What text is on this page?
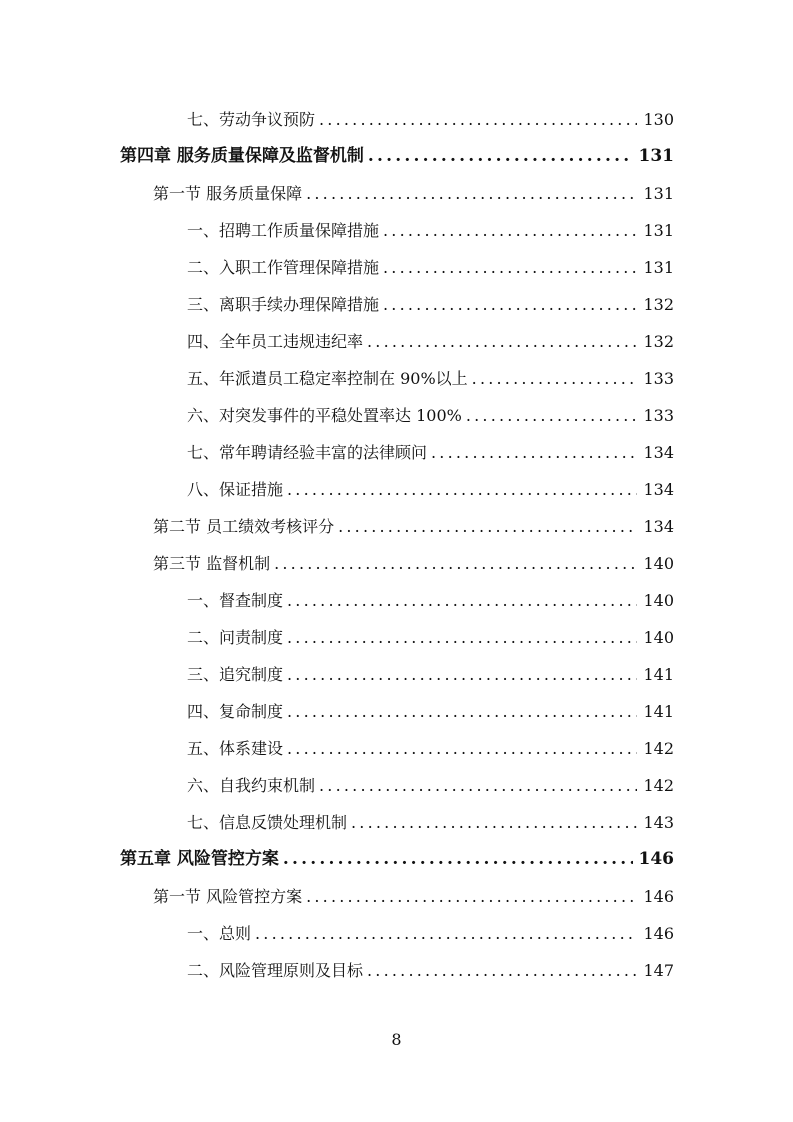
七、劳动争议预防 .....	130
第四章 服务质量保障及监督机制 .....	131
第一节 服务质量保障 .....	131
一、招聘工作质量保障措施 .....	131
二、入职工作管理保障措施 .....	131
三、离职手续办理保障措施 .....	132
四、全年员工违规违纪率 .....	132
五、年派遣员工稳定率控制在 90%以上 .....	133
六、对突发事件的平稳处置率达 100% .....	133
七、常年聘请经验丰富的法律顾问 .....	134
八、保证措施 .....	134
第二节 员工绩效考核评分 .....	134
第三节 监督机制 .....	140
一、督查制度 .....	140
二、问责制度 .....	140
三、追究制度 .....	141
四、复命制度 .....	141
五、体系建设 .....	142
六、自我约束机制 .....	142
七、信息反馈处理机制 .....	143
第五章 风险管控方案 .....	146
第一节 风险管控方案 .....	146
一、总则 .....	146
二、风险管理原则及目标 .....	147
8
